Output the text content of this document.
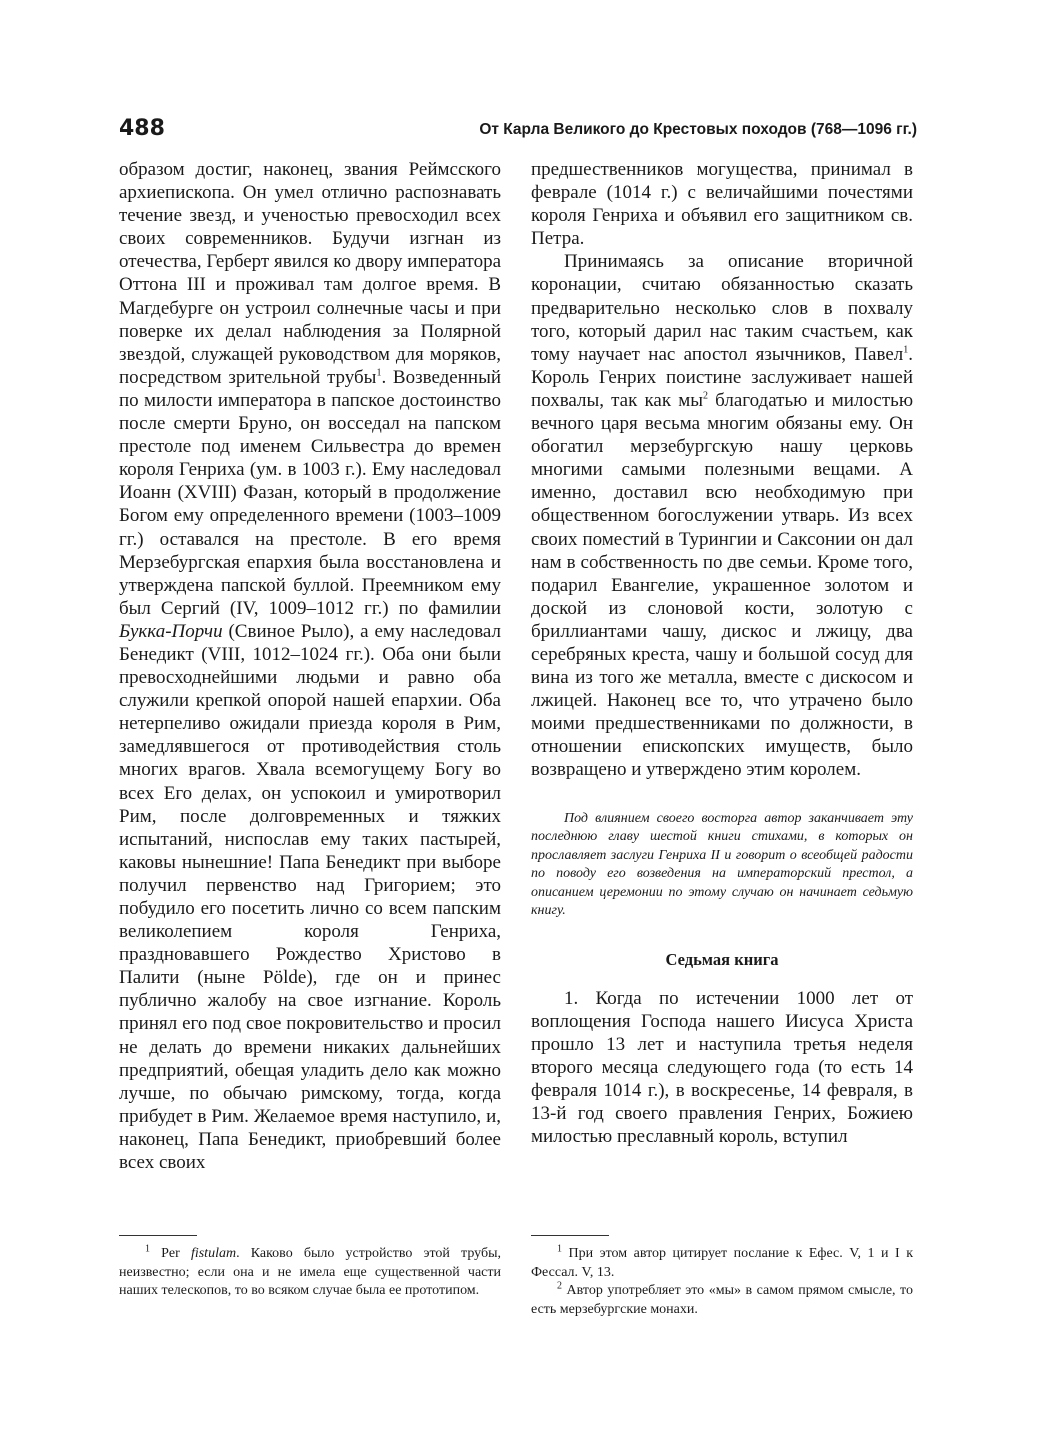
488	От Карла Великого до Крестовых походов (768—1096 гг.)

образом достиг, наконец, звания Реймсского архиепископа. Он умел отлично распознавать течение звезд, и ученостью превосходил всех своих современников. Будучи изгнан из отечества, Герберт явился ко двору императора Оттона III и проживал там долгое время. В Магдебурге он устроил солнечные часы и при поверке их делал наблюдения за Полярной звездой, служащей руководством для моряков, посредством зрительной трубы$^1$. Возведенный по милости императора в папское достоинство после смерти Бруно, он восседал на папском престоле под именем Сильвестра до времен короля Генриха (ум. в 1003 г.). Ему наследовал Иоанн (XVIII) Фазан, который в продолжение Богом ему определенного времени (1003–1009 гг.) оставался на престоле. В его время Мерзебургская епархия была восстановлена и утверждена папской буллой. Преемником ему был Сергий (IV, 1009–1012 гг.) по фамилии Букка-Порчи (Свиное Рыло), а ему наследовал Бенедикт (VIII, 1012–1024 гг.). Оба они были превосходнейшими людьми и равно оба служили крепкой опорой нашей епархии. Оба нетерпеливо ожидали приезда короля в Рим, замедлявшегося от противодействия столь многих врагов. Хвала всемогущему Богу во всех Его делах, он успокоил и умиротворил Рим, после долговременных и тяжких испытаний, ниспослав ему таких пастырей, каковы нынешние! Папа Бенедикт при выборе получил первенство над Григорием; это побудило его посетить лично со всем папским великолепием короля Генриха, праздновавшего Рождество Христово в Палити (ныне Pölde), где он и принес публично жалобу на свое изгнание. Король принял его под свое покровительство и просил не делать до времени никаких дальнейших предприятий, обещая уладить дело как можно лучше, по обычаю римскому, тогда, когда прибудет в Рим. Желаемое время наступило, и, наконец, Папа Бенедикт, приобревший более всех своих

предшественников могущества, принимал в феврале (1014 г.) с величайшими почестями короля Генриха и объявил его защитником св. Петра.

Принимаясь за описание вторичной коронации, считаю обязанностью сказать предварительно несколько слов в похвалу того, который дарил нас таким счастьем, как тому научает нас апостол язычников, Павел$^1$. Король Генрих поистине заслуживает нашей похвалы, так как $мы^2$ благодатью и милостью вечного царя весьма многим обязаны ему. Он обогатил мерзебургскую нашу церковь многими самыми полезными вещами. А именно, доставил всю необходимую при общественном богослужении утварь. Из всех своих поместий в Турингии и Саксонии он дал нам в собственность по две семьи. Кроме того, подарил Евангелие, украшенное золотом и доской из слоновой кости, золотую с бриллиантами чашу, дискос и лжицу, два серебряных креста, чашу и большой сосуд для вина из того же металла, вместе с дискосом и лжицей. Наконец все то, что утрачено было моими предшественниками по должности, в отношении епископских имуществ, было возвращено и утверждено этим королем.

Под влиянием своего восторга автор заканчивает эту последнюю главу шестой книги стихами, в которых он прославляет заслуги Генриха II и говорит о всеобщей радости по поводу его возведения на императорский престол, а описанием церемонии по этому случаю он начинает седьмую книгу.

Седьмая книга

1. Когда по истечении 1000 лет от воплощения Господа нашего Иисуса Христа прошло 13 лет и наступила третья неделя второго месяца следующего года (то есть 14 февраля 1014 г.), в воскресенье, 14 февраля, в 13-й год своего правления Генрих, Божиею милостью преславный король, вступил

$^1$ Per fistulam. Каково было устройство этой трубы, неизвестно; если она и не имела еще существенной части наших телескопов, то во всяком случае была ее прототипом.

$^1$ При этом автор цитирует послание к Ефес. V, 1 и I к Фессал. V, 13.

$^2$ Автор употребляет это «мы» в самом прямом смысле, то есть мерзебургские монахи.
